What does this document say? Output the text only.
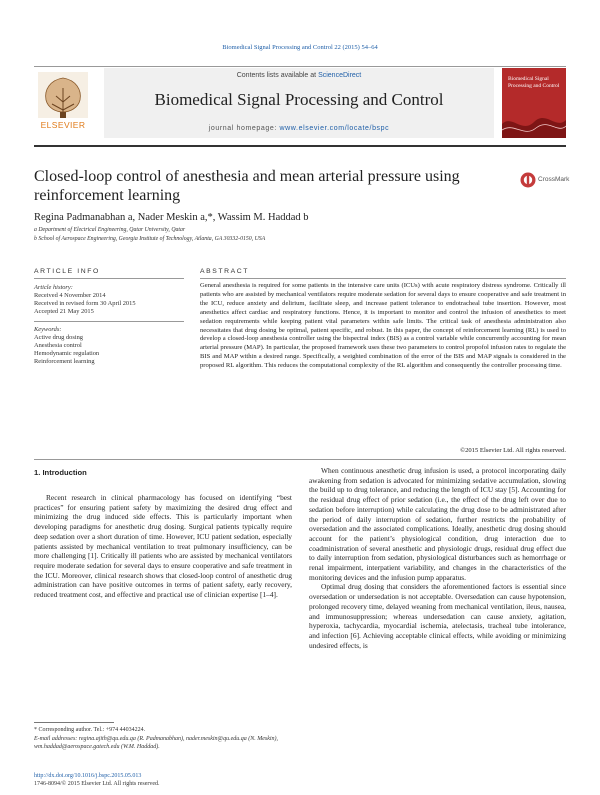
Biomedical Signal Processing and Control 22 (2015) 54–64
ELSEVIER
Contents lists available at ScienceDirect
Biomedical Signal Processing and Control
journal homepage: www.elsevier.com/locate/bspc
Biomedical Signal Processing and Control
Closed-loop control of anesthesia and mean arterial pressure using reinforcement learning
CrossMark
Regina Padmanabhan a, Nader Meskin a,*, Wassim M. Haddad b
a Department of Electrical Engineering, Qatar University, Qatar
b School of Aerospace Engineering, Georgia Institute of Technology, Atlanta, GA 30332-0150, USA
ARTICLE INFO	ABSTRACT
Article history:
Received 4 November 2014
Received in revised form 30 April 2015
Accepted 21 May 2015
Keywords:
Active drug dosing
Anesthesia control
Hemodynamic regulation
Reinforcement learning
General anesthesia is required for some patients in the intensive care units (ICUs) with acute respiratory distress syndrome. Critically ill patients who are assisted by mechanical ventilators require moderate sedation for several days to ensure cooperative and safe treatment in the ICU, reduce anxiety and delirium, facilitate sleep, and increase patient tolerance to endotracheal tube insertion. However, most anesthetics affect cardiac and respiratory functions. Hence, it is important to monitor and control the infusion of anesthetics to meet sedation requirements while keeping patient vital parameters within safe limits. The critical task of anesthesia administration also necessitates that drug dosing be optimal, patient specific, and robust. In this paper, the concept of reinforcement learning (RL) is used to develop a closed-loop anesthesia controller using the bispectral index (BIS) as a control variable while concurrently accounting for mean arterial pressure (MAP). In particular, the proposed framework uses these two parameters to control propofol infusion rates to regulate the BIS and MAP within a desired range. Specifically, a weighted combination of the error of the BIS and MAP signals is considered in the proposed RL algorithm. This reduces the computational complexity of the RL algorithm and consequently the controller processing time.
©2015 Elsevier Ltd. All rights reserved.
1. Introduction

Recent research in clinical pharmacology has focused on identifying “best practices” for ensuring patient safety by maximizing the desired drug effect and minimizing the drug induced side effects. This is particularly important when developing paradigms for anesthetic drug dosing. Surgical patients typically require deep sedation over a short duration of time. However, ICU patient sedation, especially patients assisted by mechanical ventilation to treat pulmonary insufficiency, can be more challenging [1]. Critically ill patients who are assisted by mechanical ventilators require moderate sedation for several days to ensure cooperative and safe treatment in the ICU. Moreover, clinical research shows that closed-loop control of anesthetic drug administration can have positive outcomes in terms of patient safety, early recovery, reduced treatment cost, and effective and practical use of clinician expertise [1–4].

When continuous anesthetic drug infusion is used, a protocol incorporating daily awakening from sedation is advocated for minimizing sedative accumulation, slowing the build up to drug tolerance, and reducing the length of ICU stay [5]. Accounting for the residual drug effect of prior sedation (i.e., the effect of the drug left over due to sedation before interruption) while calculating the drug dose to be administrated after the period of daily interruption of sedation, further restricts the probability of oversedation and the associated complications. Ideally, anesthetic drug dosing should account for the patient’s physiological condition, drug interaction due to coadministration of several anesthetic and physiologic drugs, residual drug effect due to daily interruption from sedation, physiological disturbances such as hemorrhage or renal impairment, interpatient variability, and changes in the characteristics of the monitoring devices and the infusion pump apparatus.

Optimal drug dosing that considers the aforementioned factors is essential since oversedation or undersedation is not acceptable. Oversedation can cause hypotension, prolonged recovery time, delayed weaning from mechanical ventilation, ileus, nausea, and immunosuppression; whereas undersedation can cause anxiety, agitation, hyperoxia, tachycardia, myocardial ischemia, atelectasis, tracheal tube intolerance, and infection [6]. Achieving acceptable clinical effects, while avoiding or minimizing undesired effects, is

* Corresponding author. Tel.: +974 44034224.
E-mail addresses: regina.ajith@qu.edu.qa (R. Padmanabhan), nader.meskin@qu.edu.qa (N. Meskin), wm.haddad@aerospace.gatech.edu (W.M. Haddad).
http://dx.doi.org/10.1016/j.bspc.2015.05.013
1746-8094/© 2015 Elsevier Ltd. All rights reserved.
